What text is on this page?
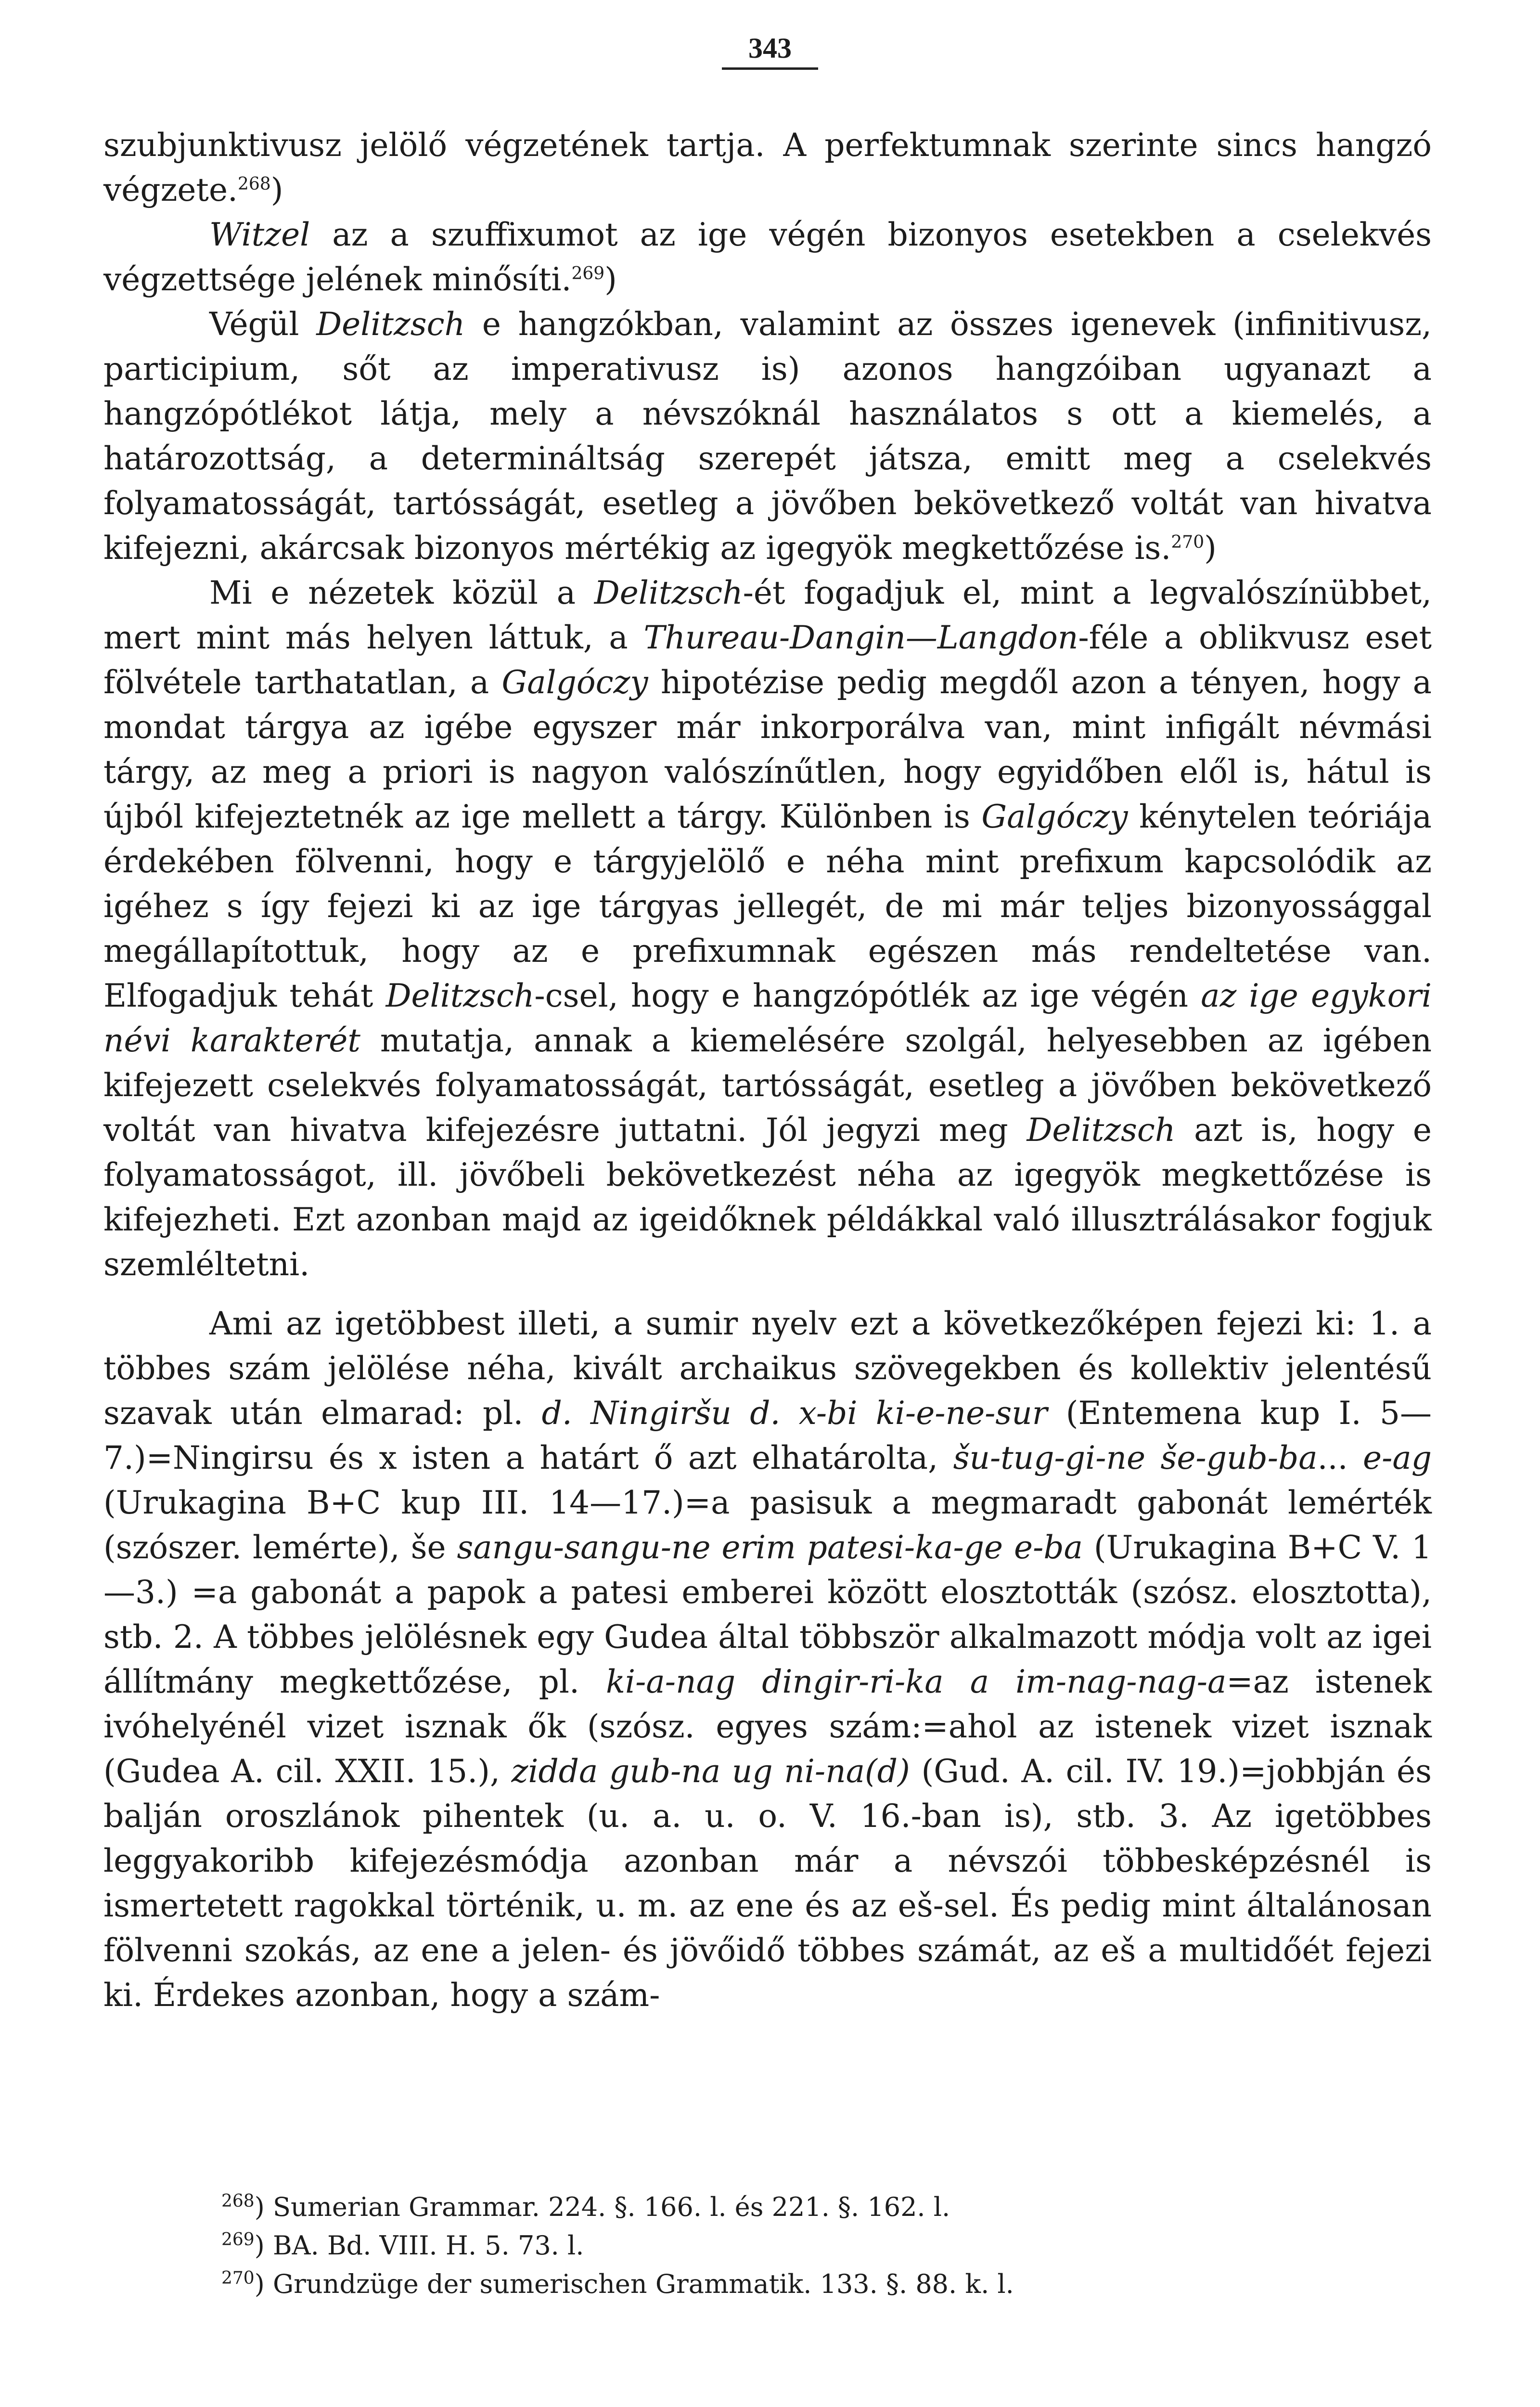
343

szubjunktivusz jelölő végzetének tartja. A perfektumnak szerinte sincs hangzó végzete.$^{268}$)

Witzel az a szuffixumot az ige végén bizonyos esetekben a cselekvés végzettsége jelének minősíti.$^{269}$)

Végül Delitzsch e hangzókban, valamint az összes igenevek (infinitivusz, participium, sőt az imperativusz is) azonos hangzóiban ugyanazt a hangzópótlékot látja, mely a névszóknál használatos s ott a kiemelés, a határozottság, a determináltság szerepét játsza, emitt meg a cselekvés folyamatosságát, tartósságát, esetleg a jövőben bekövetkező voltát van hivatva kifejezni, akárcsak bizonyos mértékig az igegyök megkettőzése is.$^{270}$)

Mi e nézetek közül a Delitzsch-ét fogadjuk el, mint a legvalószínübbet, mert mint más helyen láttuk, a Thureau-Dangin—Langdon-féle a oblikvusz eset fölvétele tarthatatlan, a Galgóczy hipotézise pedig megdől azon a tényen, hogy a mondat tárgya az igébe egyszer már inkorporálva van, mint infigált névmási tárgy, az meg a priori is nagyon valószínűtlen, hogy egyidőben elől is, hátul is újból kifejeztetnék az ige mellett a tárgy. Különben is Galgóczy kénytelen teóriája érdekében fölvenni, hogy e tárgyjelölő e néha mint prefixum kapcsolódik az igéhez s így fejezi ki az ige tárgyas jellegét, de mi már teljes bizonyossággal megállapítottuk, hogy az e prefixumnak egészen más rendeltetése van. Elfogadjuk tehát Delitzsch-csel, hogy e hangzópótlék az ige végén az ige egykori névi karakterét mutatja, annak a kiemelésére szolgál, helyesebben az igében kifejezett cselekvés folyamatosságát, tartósságát, esetleg a jövőben bekövetkező voltát van hivatva kifejezésre juttatni. Jól jegyzi meg Delitzsch azt is, hogy e folyamatosságot, ill. jövőbeli bekövetkezést néha az igegyök megkettőzése is kifejezheti. Ezt azonban majd az igeidőknek példákkal való illusztrálásakor fogjuk szemléltetni.

Ami az igetöbbest illeti, a sumir nyelv ezt a következőképen fejezi ki: 1. a többes szám jelölése néha, kivált archaikus szövegekben és kollektiv jelentésű szavak után elmarad: pl. d. Ningiršu d. x-bi ki-e-ne-sur (Entemena kup I. 5—7.)=Ningirsu és x isten a határt ő azt elhatárolta, šu-tug-gi-ne še-gub-ba... e-ag (Urukagina B+C kup III. 14—17.)=a pasisuk a megmaradt gabonát lemérték (szószer. lemérte), še sangu-sangu-ne erim patesi-ka-ge e-ba (Urukagina B+C V. 1—3.) =a gabonát a papok a patesi emberei között elosztották (szósz. elosztotta), stb. 2. A többes jelölésnek egy Gudea által többször alkalmazott módja volt az igei állítmány megkettőzése, pl. ki-a-nag dingir-ri-ka a im-nag-nag-a=az istenek ivóhelyénél vizet isznak ők (szósz. egyes szám:=ahol az istenek vizet isznak (Gudea A. cil. XXII. 15.), zidda gub-na ug ni-na(d) (Gud. A. cil. IV. 19.)=jobbján és balján oroszlánok pihentek (u. a. u. o. V. 16.-ban is), stb. 3. Az igetöbbes leggyakoribb kifejezésmódja azonban már a névszói többesképzésnél is ismertetett ragokkal történik, u. m. az ene és az eš-sel. És pedig mint általánosan fölvenni szokás, az ene a jelen- és jövőidő többes számát, az eš a multidőét fejezi ki. Érdekes azonban, hogy a szám-

268) Sumerian Grammar. 224. §. 166. l. és 221. §. 162. l.
269) BA. Bd. VIII. H. 5. 73. l.
270) Grundzüge der sumerischen Grammatik. 133. §. 88. k. l.
